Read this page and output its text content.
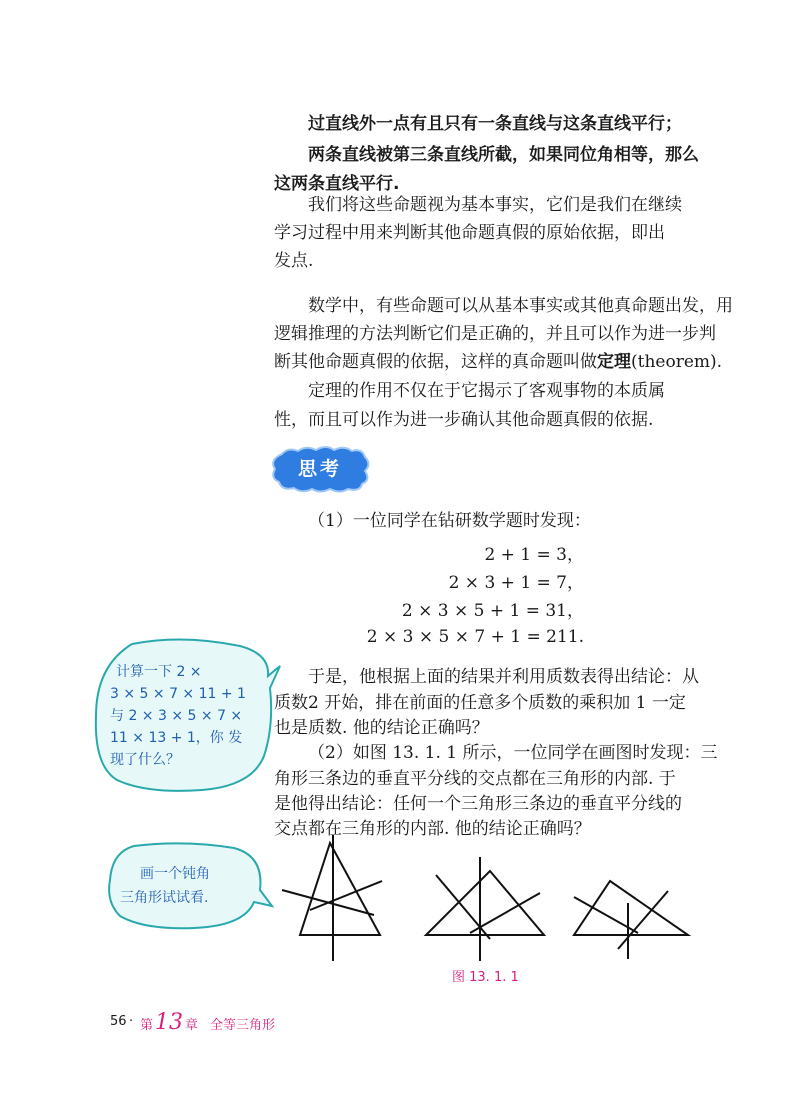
过直线外一点有且只有一条直线与这条直线平行；
两条直线被第三条直线所截，如果同位角相等，那么
这两条直线平行.
我们将这些命题视为基本事实，它们是我们在继续
学习过程中用来判断其他命题真假的原始依据，即出
发点.
数学中，有些命题可以从基本事实或其他真命题出发，用
逻辑推理的方法判断它们是正确的，并且可以作为进一步判
断其他命题真假的依据，这样的真命题叫做定理(theorem).
定理的作用不仅在于它揭示了客观事物的本质属
性，而且可以作为进一步确认其他命题真假的依据.
思考
（1）一位同学在钻研数学题时发现：
2 + 1 = 3，
2 × 3 + 1 = 7，
2 × 3 × 5 + 1 = 31，
2 × 3 × 5 × 7 + 1 = 211.
于是，他根据上面的结果并利用质数表得出结论：从
质数2 开始，排在前面的任意多个质数的乘积加 1 一定
也是质数. 他的结论正确吗？
（2）如图 13. 1. 1 所示，一位同学在画图时发现：三
角形三条边的垂直平分线的交点都在三角形的内部. 于
是他得出结论：任何一个三角形三条边的垂直平分线的
交点都在三角形的内部. 他的结论正确吗？
计算一下 2 ×
3 × 5 × 7 × 11 + 1
与 2 × 3 × 5 × 7 ×
11 × 13 + 1，你 发
现了什么？
画一个钝角
三角形试试看.
图 13. 1. 1
56 · 第 13 章 全等三角形
